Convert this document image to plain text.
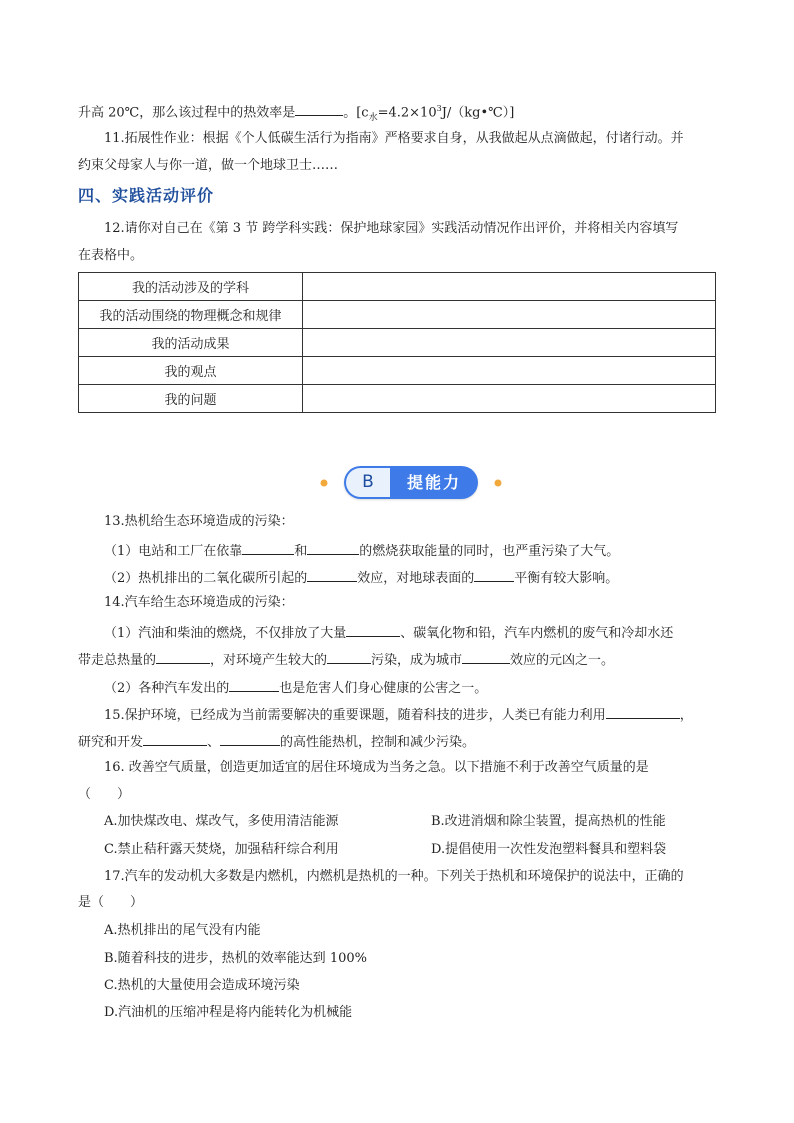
升高 20℃，那么该过程中的热效率是	。$[c_水=4.2\times 10^3J/(kg•℃)]$
11.拓展性作业：根据《个人低碳生活行为指南》严格要求自身，从我做起从点滴做起，付诸行动。并
约束父母家人与你一道，做一个地球卫士……
四、实践活动评价
12.请你对自己在《第 3 节 跨学科实践：保护地球家园》实践活动情况作出评价，并将相关内容填写
在表格中。
我的活动涉及的学科	
我的活动围绕的物理概念和规律	
我的活动成果	
我的观点	
我的问题	
B	提能力
13.热机给生态环境造成的污染：
（1）电站和工厂在依靠	和	的燃烧获取能量的同时，也严重污染了大气。
（2）热机排出的二氧化碳所引起的	效应，对地球表面的	平衡有较大影响。
14.汽车给生态环境造成的污染：
（1）汽油和柴油的燃烧，不仅排放了大量	、碳氧化物和铅，汽车内燃机的废气和冷却水还
带走总热量的	，对环境产生较大的	污染，成为城市	效应的元凶之一。
（2）各种汽车发出的	也是危害人们身心健康的公害之一。
15.保护环境，已经成为当前需要解决的重要课题，随着科技的进步，人类已有能力利用	，
研究和开发	、	的高性能热机，控制和减少污染。
16. 改善空气质量，创造更加适宜的居住环境成为当务之急。以下措施不利于改善空气质量的是
（　　）
A.加快煤改电、煤改气，多使用清洁能源	B.改进消烟和除尘装置，提高热机的性能
C.禁止秸秆露天焚烧，加强秸秆综合利用	D.提倡使用一次性发泡塑料餐具和塑料袋
17.汽车的发动机大多数是内燃机，内燃机是热机的一种。下列关于热机和环境保护的说法中，正确的
是（　　）
A.热机排出的尾气没有内能
B.随着科技的进步，热机的效率能达到 100%
C.热机的大量使用会造成环境污染
D.汽油机的压缩冲程是将内能转化为机械能
